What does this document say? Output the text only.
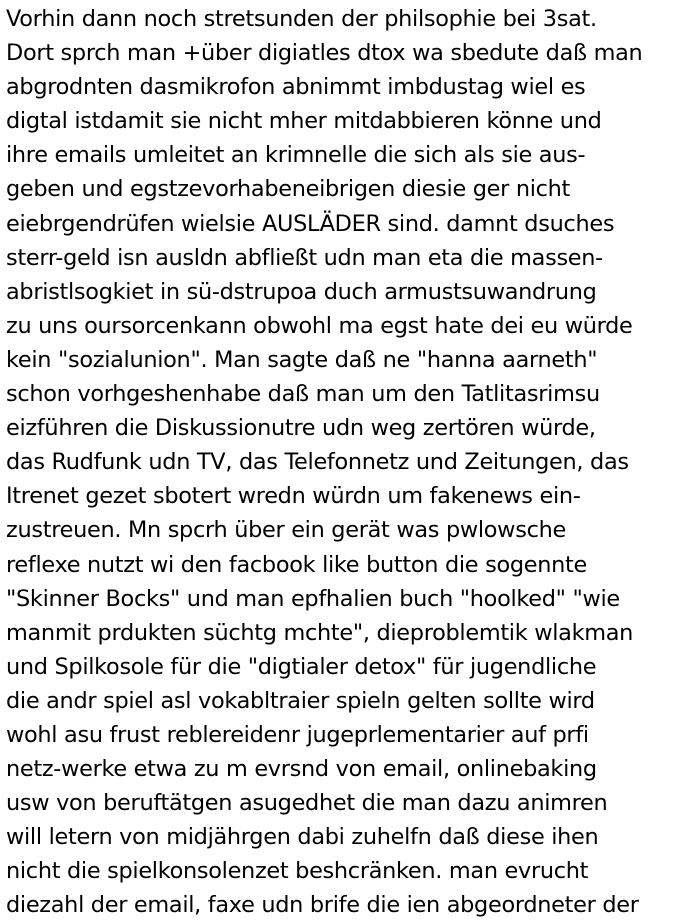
Vorhin dann noch stretsunden der philsophie bei 3sat.
Dort sprch man +über digiatles dtox wa sbedute daß man
abgrodnten dasmikrofon abnimmt imbdustag wiel es
digtal istdamit sie nicht mher mitdabbieren könne und
ihre emails umleitet an krimnelle die sich als sie aus-
geben und egstzevorhabeneibrigen diesie ger nicht
eiebrgendrüfen wielsie AUSLÄDER sind. damnt dsuches
sterr-geld isn ausldn abfließt udn man eta die massen-
abristlsogkiet in sü-dstrupoa duch armustsuwandrung
zu uns oursorcenkann obwohl ma egst hate dei eu würde
kein "sozialunion". Man sagte daß ne "hanna aarneth"
schon vorhgeshenhabe daß man um den Tatlitasrimsu
eizführen die Diskussionutre udn weg zertören würde,
das Rudfunk udn TV, das Telefonnetz und Zeitungen, das
Itrenet gezet sbotert wredn würdn um fakenews ein-
zustreuen. Mn spcrh über ein gerät was pwlowsche
reflexe nutzt wi den facbook like button die sogennte
"Skinner Bocks" und man epfhalien buch "hoolked" "wie
manmit prdukten süchtg mchte", dieproblemtik wlakman
und Spilkosole für die "digtialer detox" für jugendliche
die andr spiel asl vokabltraier spieln gelten sollte wird
wohl asu frust reblereidenr jugeprlementarier auf prfi
netz-werke etwa zu m evrsnd von email, onlinebaking
usw von beruftätgen asugedhet die man dazu animren
will letern von midjährgen dabi zuhelfn daß diese ihen
nicht die spielkonsolenzet beshcränken. man evrucht
diezahl der email, faxe udn brife die ien abgeordneter der
